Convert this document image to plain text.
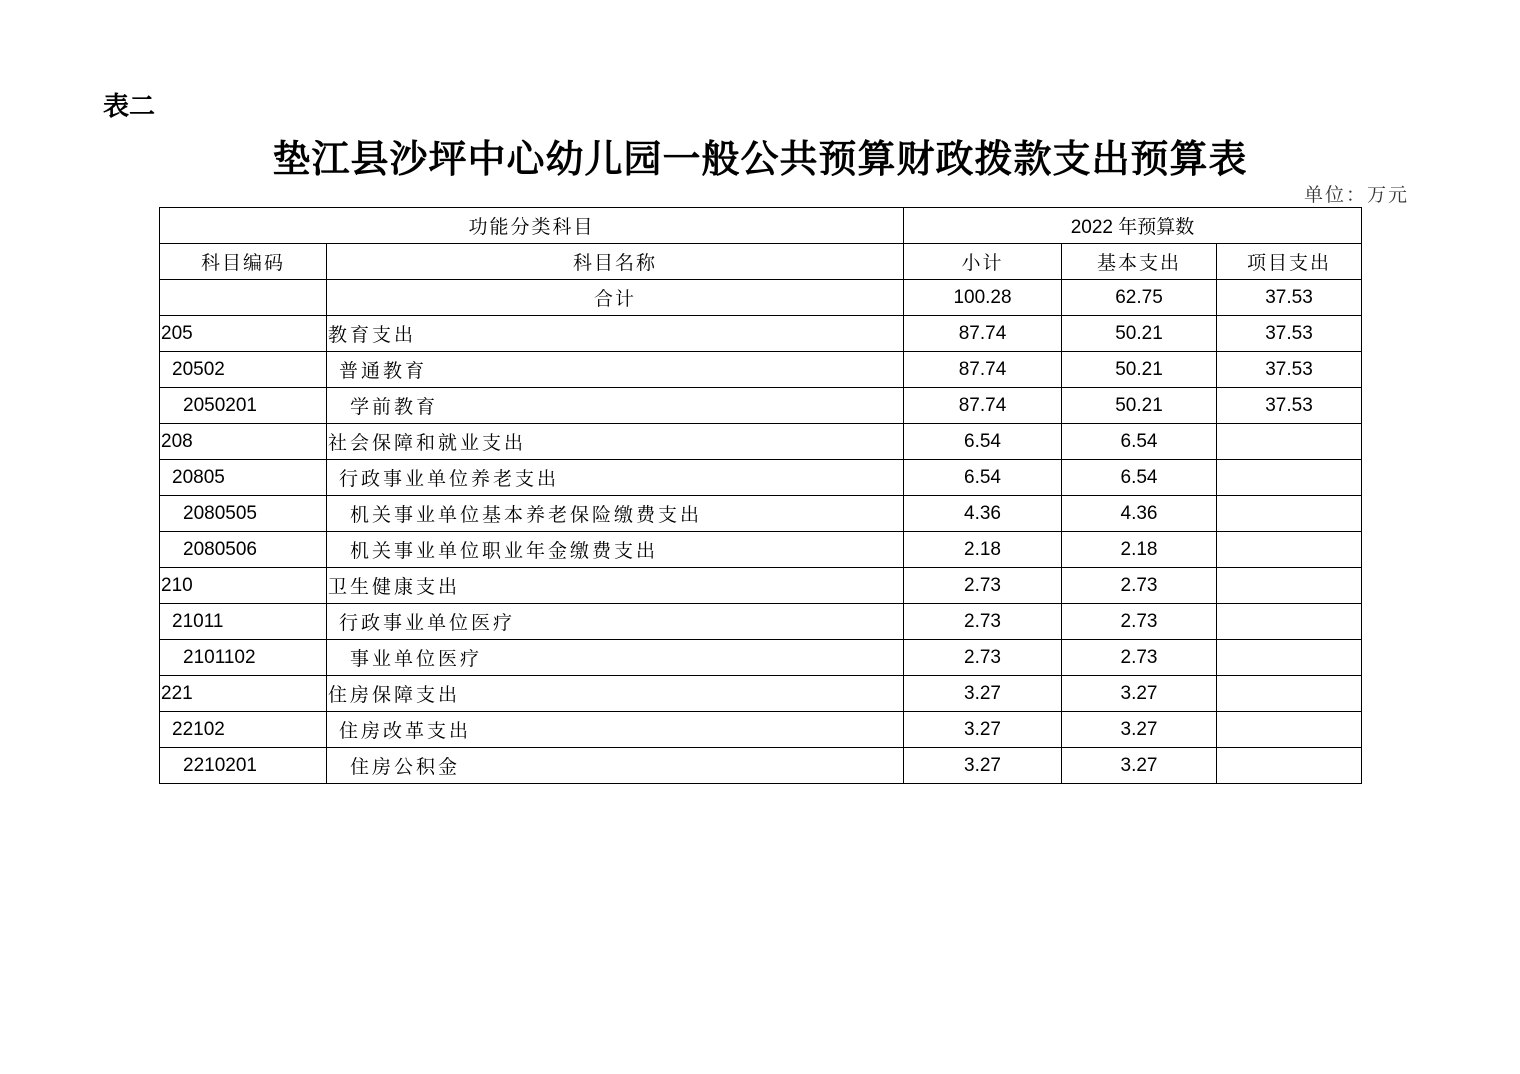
表二
垫江县沙坪中心幼儿园一般公共预算财政拨款支出预算表
单位：万元
功能分类科目		2022 年预算数		
科目编码	科目名称	小计	基本支出	项目支出
	合计	100.28	62.75	37.53
205	教育支出	87.74	50.21	37.53
20502	普通教育	87.74	50.21	37.53
2050201	学前教育	87.74	50.21	37.53
208	社会保障和就业支出	6.54	6.54	
20805	行政事业单位养老支出	6.54	6.54	
2080505	机关事业单位基本养老保险缴费支出	4.36	4.36	
2080506	机关事业单位职业年金缴费支出	2.18	2.18	
210	卫生健康支出	2.73	2.73	
21011	行政事业单位医疗	2.73	2.73	
2101102	事业单位医疗	2.73	2.73	
221	住房保障支出	3.27	3.27	
22102	住房改革支出	3.27	3.27	
2210201	住房公积金	3.27	3.27	
